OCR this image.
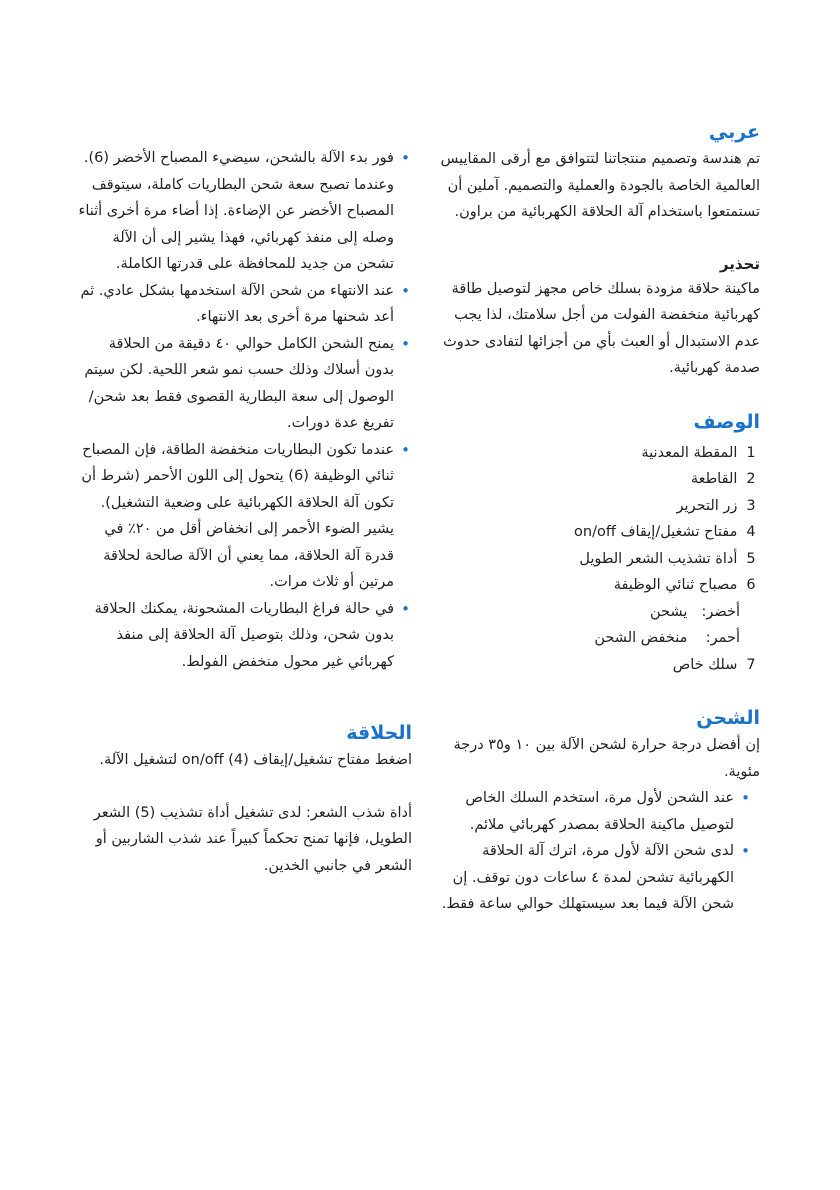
عربي

تم هندسة وتصميم منتجاتنا لتتوافق مع أرقى المقاييس العالمية الخاصة بالجودة والعملية والتصميم. آملين أن تستمتعوا باستخدام آلة الحلاقة الكهربائية من براون.

تحذير

ماكينة حلاقة مزودة بسلك خاص مجهز لتوصيل طاقة كهربائية منخفضة الفولت من أجل سلامتك، لذا يجب عدم الاستبدال أو العبث بأي من أجزائها لتفادى حدوث صدمة كهربائية.

الوصف
1

المقطة المعدنية
2

القاطعة
3

زر التحرير
4

مفتاح تشغيل/إيقاف on/off
5

أداة تشذيب الشعر الطويل
6

مصباح ثنائي الوظيفة
أخضر: يشحن
أحمر: منخفض الشحن
7

سلك خاص
الشحن

إن أفضل درجة حرارة لشحن الآلة بين ١٠ و٣٥ درجة مئوية.

• عند الشحن لأول مرة، استخدم السلك الخاص لتوصيل ماكينة الحلاقة بمصدر كهربائي ملائم.
• لدى شحن الآلة لأول مرة، اترك آلة الحلاقة الكهربائية تشحن لمدة ٤ ساعات دون توقف. إن شحن الآلة فيما بعد سيستهلك حوالي ساعة فقط.
• فور بدء الآلة بالشحن، سيضيء المصباح الأخضر (6). وعندما تصبح سعة شحن البطاريات كاملة، سيتوقف المصباح الأخضر عن الإضاءة. إذا أضاء مرة أخرى أثناء وصله إلى منفذ كهربائي، فهذا يشير إلى أن الآلة تشحن من جديد للمحافظة على قدرتها الكاملة.
• عند الانتهاء من شحن الآلة استخدمها بشكل عادي. ثم أعد شحنها مرة أخرى بعد الانتهاء.
• يمنح الشحن الكامل حوالي ٤٠ دقيقة من الحلاقة بدون أسلاك وذلك حسب نمو شعر اللحية. لكن سيتم الوصول إلى سعة البطارية القصوى فقط بعد شحن/تفريغ عدة دورات.
• عندما تكون البطاريات منخفضة الطاقة، فإن المصباح ثنائي الوظيفة (6) يتحول إلى اللون الأحمر (شرط أن تكون آلة الحلاقة الكهربائية على وضعية التشغيل). يشير الضوء الأحمر إلى انخفاض أقل من ٢٠٪ في قدرة آلة الحلاقة، مما يعني أن الآلة صالحة لحلاقة مرتين أو ثلاث مرات.
• في حالة فراغ البطاريات المشحونة، يمكنك الحلاقة بدون شحن، وذلك بتوصيل آلة الحلاقة إلى منفذ كهربائي غير محول منخفض الفولط.
الحلاقة

اضغط مفتاح تشغيل/إيقاف on/off (4) لتشغيل الآلة.

أداة شذب الشعر: لدى تشغيل أداة تشذيب (5) الشعر الطويل، فإنها تمنح تحكماً كبيراً عند شذب الشاربين أو الشعر في جانبي الخدين.
